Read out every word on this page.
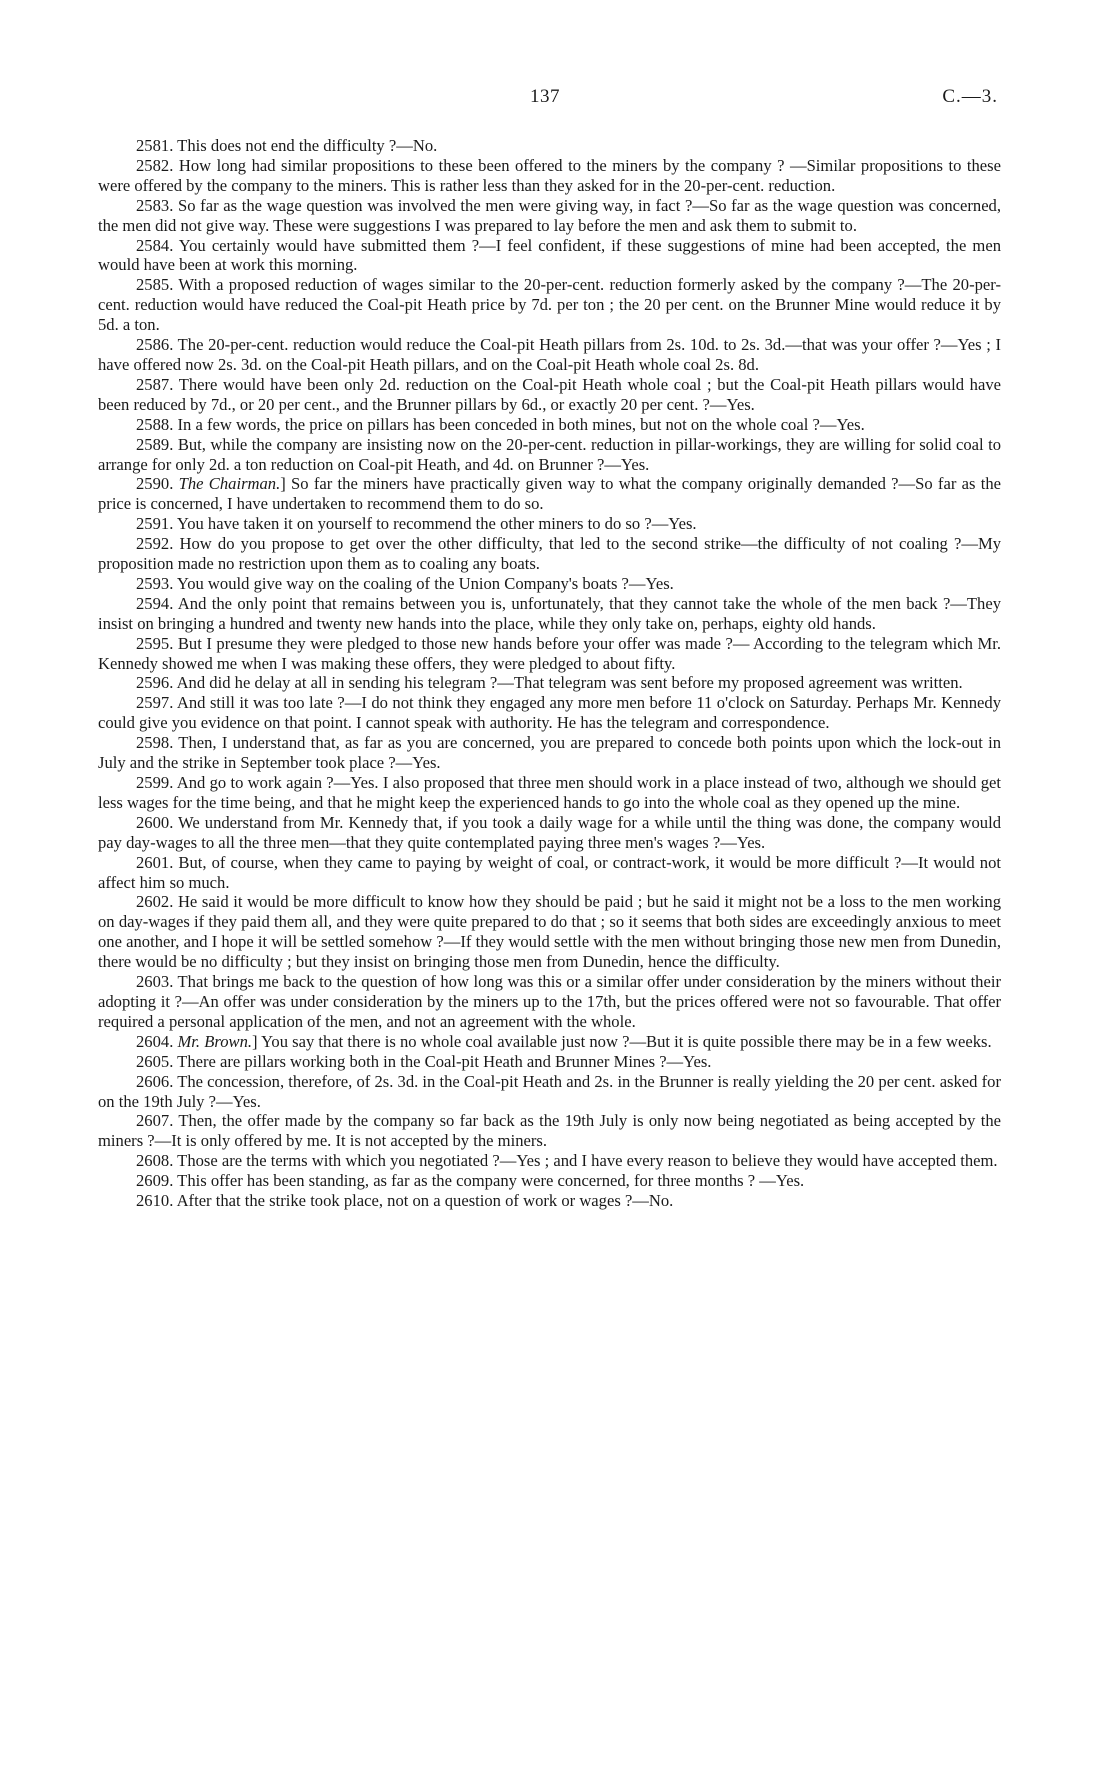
137	C.—3.

2581. This does not end the difficulty ?—No.

2582. How long had similar propositions to these been offered to the miners by the company ? —Similar propositions to these were offered by the company to the miners. This is rather less than they asked for in the 20-per-cent. reduction.

2583. So far as the wage question was involved the men were giving way, in fact ?—So far as the wage question was concerned, the men did not give way. These were suggestions I was prepared to lay before the men and ask them to submit to.

2584. You certainly would have submitted them ?—I feel confident, if these suggestions of mine had been accepted, the men would have been at work this morning.

2585. With a proposed reduction of wages similar to the 20-per-cent. reduction formerly asked by the company ?—The 20-per-cent. reduction would have reduced the Coal-pit Heath price by 7d. per ton ; the 20 per cent. on the Brunner Mine would reduce it by 5d. a ton.

2586. The 20-per-cent. reduction would reduce the Coal-pit Heath pillars from 2s. 10d. to 2s. 3d.—that was your offer ?—Yes ; I have offered now 2s. 3d. on the Coal-pit Heath pillars, and on the Coal-pit Heath whole coal 2s. 8d.

2587. There would have been only 2d. reduction on the Coal-pit Heath whole coal ; but the Coal-pit Heath pillars would have been reduced by 7d., or 20 per cent., and the Brunner pillars by 6d., or exactly 20 per cent. ?—Yes.

2588. In a few words, the price on pillars has been conceded in both mines, but not on the whole coal ?—Yes.

2589. But, while the company are insisting now on the 20-per-cent. reduction in pillar-workings, they are willing for solid coal to arrange for only 2d. a ton reduction on Coal-pit Heath, and 4d. on Brunner ?—Yes.

2590. The Chairman.] So far the miners have practically given way to what the company originally demanded ?—So far as the price is concerned, I have undertaken to recommend them to do so.

2591. You have taken it on yourself to recommend the other miners to do so ?—Yes.

2592. How do you propose to get over the other difficulty, that led to the second strike—the difficulty of not coaling ?—My proposition made no restriction upon them as to coaling any boats.

2593. You would give way on the coaling of the Union Company's boats ?—Yes.

2594. And the only point that remains between you is, unfortunately, that they cannot take the whole of the men back ?—They insist on bringing a hundred and twenty new hands into the place, while they only take on, perhaps, eighty old hands.

2595. But I presume they were pledged to those new hands before your offer was made ?— According to the telegram which Mr. Kennedy showed me when I was making these offers, they were pledged to about fifty.

2596. And did he delay at all in sending his telegram ?—That telegram was sent before my proposed agreement was written.

2597. And still it was too late ?—I do not think they engaged any more men before 11 o'clock on Saturday. Perhaps Mr. Kennedy could give you evidence on that point. I cannot speak with authority. He has the telegram and correspondence.

2598. Then, I understand that, as far as you are concerned, you are prepared to concede both points upon which the lock-out in July and the strike in September took place ?—Yes.

2599. And go to work again ?—Yes. I also proposed that three men should work in a place instead of two, although we should get less wages for the time being, and that he might keep the experienced hands to go into the whole coal as they opened up the mine.

2600. We understand from Mr. Kennedy that, if you took a daily wage for a while until the thing was done, the company would pay day-wages to all the three men—that they quite contemplated paying three men's wages ?—Yes.

2601. But, of course, when they came to paying by weight of coal, or contract-work, it would be more difficult ?—It would not affect him so much.

2602. He said it would be more difficult to know how they should be paid ; but he said it might not be a loss to the men working on day-wages if they paid them all, and they were quite prepared to do that ; so it seems that both sides are exceedingly anxious to meet one another, and I hope it will be settled somehow ?—If they would settle with the men without bringing those new men from Dunedin, there would be no difficulty ; but they insist on bringing those men from Dunedin, hence the difficulty.

2603. That brings me back to the question of how long was this or a similar offer under consideration by the miners without their adopting it ?—An offer was under consideration by the miners up to the 17th, but the prices offered were not so favourable. That offer required a personal application of the men, and not an agreement with the whole.

2604. Mr. Brown.] You say that there is no whole coal available just now ?—But it is quite possible there may be in a few weeks.

2605. There are pillars working both in the Coal-pit Heath and Brunner Mines ?—Yes.

2606. The concession, therefore, of 2s. 3d. in the Coal-pit Heath and 2s. in the Brunner is really yielding the 20 per cent. asked for on the 19th July ?—Yes.

2607. Then, the offer made by the company so far back as the 19th July is only now being negotiated as being accepted by the miners ?—It is only offered by me. It is not accepted by the miners.

2608. Those are the terms with which you negotiated ?—Yes ; and I have every reason to believe they would have accepted them.

2609. This offer has been standing, as far as the company were concerned, for three months ? —Yes.

2610. After that the strike took place, not on a question of work or wages ?—No.
